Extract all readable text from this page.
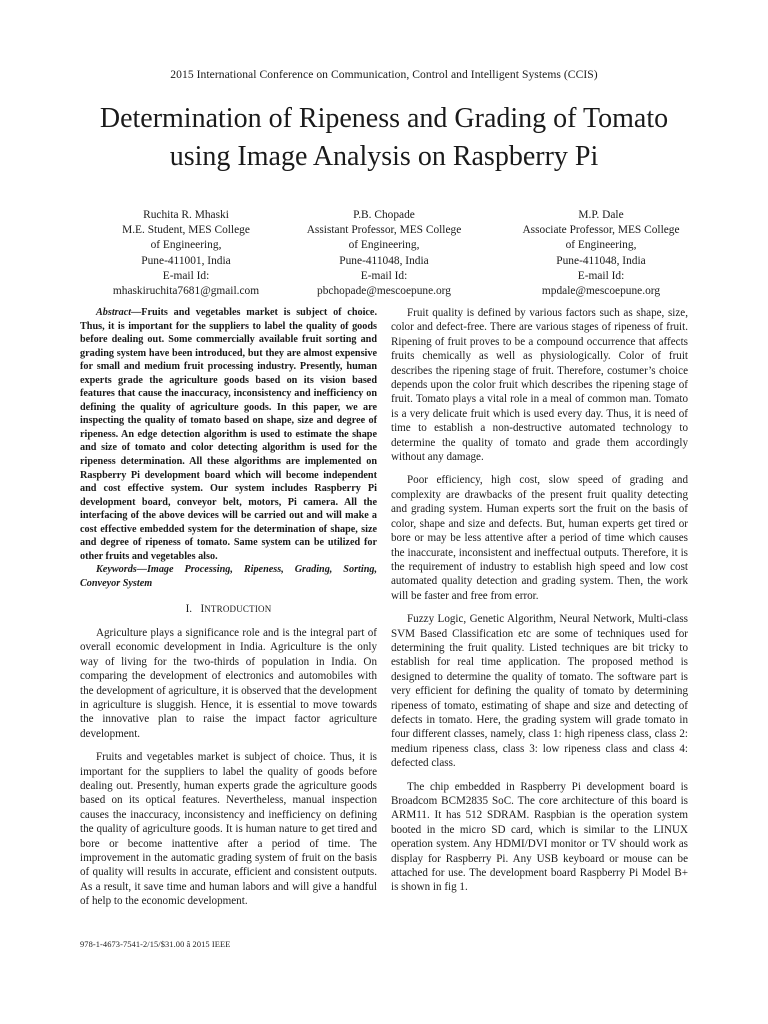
2015 International Conference on Communication, Control and Intelligent Systems (CCIS)
Determination of Ripeness and Grading of Tomato
using Image Analysis on Raspberry Pi
Ruchita R. Mhaski
M.E. Student, MES College
of Engineering,
Pune-411001, India
E-mail Id:
mhaskiruchita7681@gmail.com
P.B. Chopade
Assistant Professor, MES College
of Engineering,
Pune-411048, India
E-mail Id:
pbchopade@mescoepune.org
M.P. Dale
Associate Professor, MES College
of Engineering,
Pune-411048, India
E-mail Id:
mpdale@mescoepune.org

Abstract—Fruits and vegetables market is subject of choice. Thus, it is important for the suppliers to label the quality of goods before dealing out. Some commercially available fruit sorting and grading system have been introduced, but they are almost expensive for small and medium fruit processing industry. Presently, human experts grade the agriculture goods based on its vision based features that cause the inaccuracy, inconsistency and inefficiency on defining the quality of agriculture goods. In this paper, we are inspecting the quality of tomato based on shape, size and degree of ripeness. An edge detection algorithm is used to estimate the shape and size of tomato and color detecting algorithm is used for the ripeness determination. All these algorithms are implemented on Raspberry Pi development board which will become independent and cost effective system. Our system includes Raspberry Pi development board, conveyor belt, motors, Pi camera. All the interfacing of the above devices will be carried out and will make a cost effective embedded system for the determination of shape, size and degree of ripeness of tomato. Same system can be utilized for other fruits and vegetables also.

Keywords—Image Processing, Ripeness, Grading, Sorting, Conveyor System

I. INTRODUCTION

Agriculture plays a significance role and is the integral part of overall economic development in India. Agriculture is the only way of living for the two-thirds of population in India. On comparing the development of electronics and automobiles with the development of agriculture, it is observed that the development in agriculture is sluggish. Hence, it is essential to move towards the innovative plan to raise the impact factor agriculture development.

Fruits and vegetables market is subject of choice. Thus, it is important for the suppliers to label the quality of goods before dealing out. Presently, human experts grade the agriculture goods based on its optical features. Nevertheless, manual inspection causes the inaccuracy, inconsistency and inefficiency on defining the quality of agriculture goods. It is human nature to get tired and bore or become inattentive after a period of time. The improvement in the automatic grading system of fruit on the basis of quality will results in accurate, efficient and consistent outputs. As a result, it save time and human labors and will give a handful of help to the economic development.

Fruit quality is defined by various factors such as shape, size, color and defect-free. There are various stages of ripeness of fruit. Ripening of fruit proves to be a compound occurrence that affects fruits chemically as well as physiologically. Color of fruit describes the ripening stage of fruit. Therefore, costumer’s choice depends upon the color fruit which describes the ripening stage of fruit. Tomato plays a vital role in a meal of common man. Tomato is a very delicate fruit which is used every day. Thus, it is need of time to establish a non-destructive automated technology to determine the quality of tomato and grade them accordingly without any damage.

Poor efficiency, high cost, slow speed of grading and complexity are drawbacks of the present fruit quality detecting and grading system. Human experts sort the fruit on the basis of color, shape and size and defects. But, human experts get tired or bore or may be less attentive after a period of time which causes the inaccurate, inconsistent and ineffectual outputs. Therefore, it is the requirement of industry to establish high speed and low cost automated quality detection and grading system. Then, the work will be faster and free from error.

Fuzzy Logic, Genetic Algorithm, Neural Network, Multi-class SVM Based Classification etc are some of techniques used for determining the fruit quality. Listed techniques are bit tricky to establish for real time application. The proposed method is designed to determine the quality of tomato. The software part is very efficient for defining the quality of tomato by determining ripeness of tomato, estimating of shape and size and detecting of defects in tomato. Here, the grading system will grade tomato in four different classes, namely, class 1: high ripeness class, class 2: medium ripeness class, class 3: low ripeness class and class 4: defected class.

The chip embedded in Raspberry Pi development board is Broadcom BCM2835 SoC. The core architecture of this board is ARM11. It has 512 SDRAM. Raspbian is the operation system booted in the micro SD card, which is similar to the LINUX operation system. Any HDMI/DVI monitor or TV should work as display for Raspberry Pi. Any USB keyboard or mouse can be attached for use. The development board Raspberry Pi Model B+ is shown in fig 1.

978-1-4673-7541-2/15/$31.00 â 2015 IEEE
